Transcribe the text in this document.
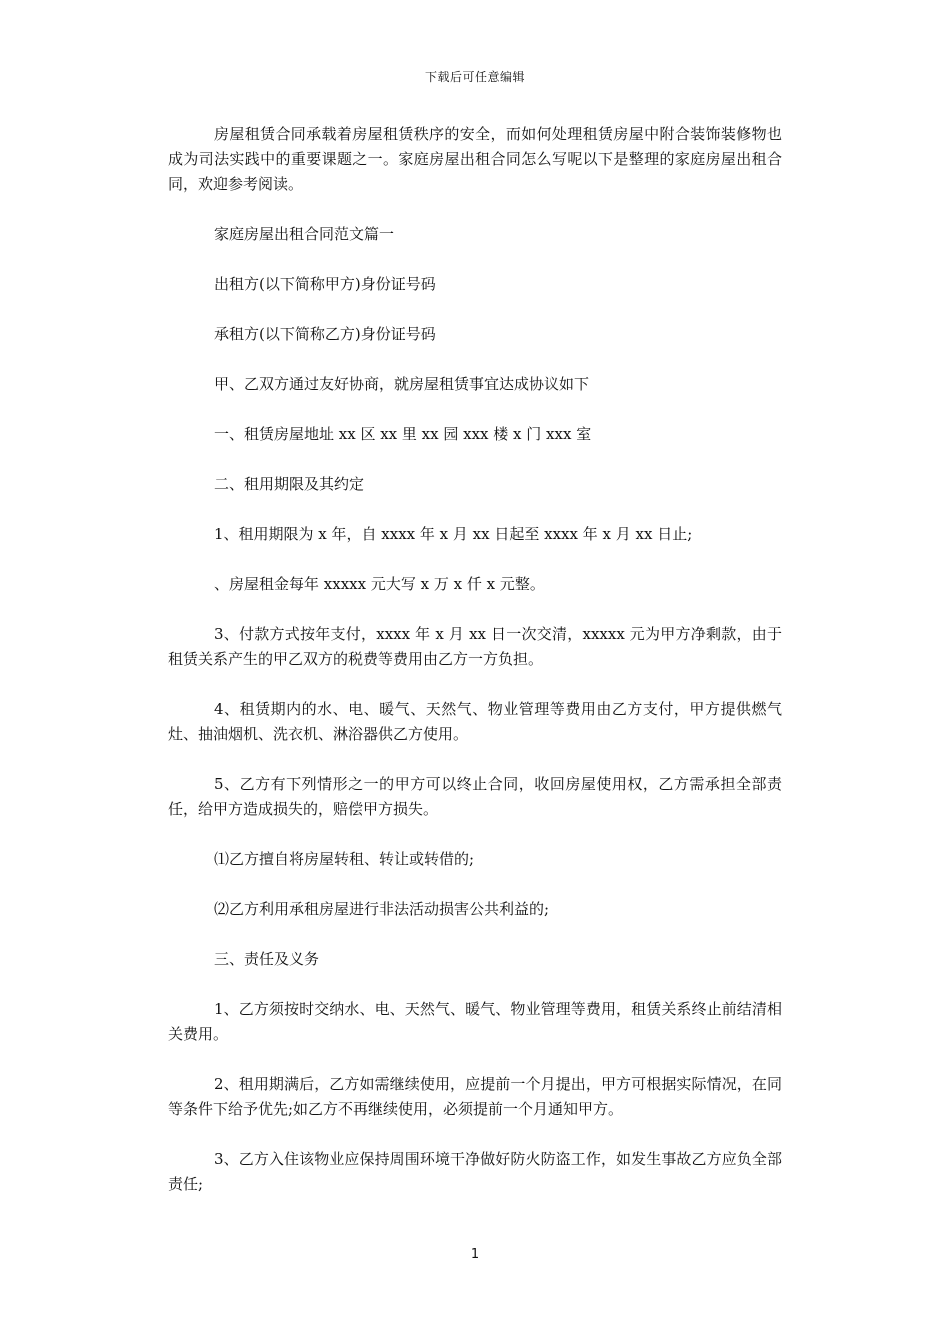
下载后可任意编辑

房屋租赁合同承载着房屋租赁秩序的安全，而如何处理租赁房屋中附合装饰装修物也成为司法实践中的重要课题之一。家庭房屋出租合同怎么写呢以下是整理的家庭房屋出租合同，欢迎参考阅读。

家庭房屋出租合同范文篇一

出租方(以下简称甲方)身份证号码

承租方(以下简称乙方)身份证号码

甲、乙双方通过友好协商，就房屋租赁事宜达成协议如下

一、租赁房屋地址 xx 区 xx 里 xx 园 xxx 楼 x 门 xxx 室

二、租用期限及其约定

1、租用期限为 x 年，自 xxxx 年 x 月 xx 日起至 xxxx 年 x 月 xx 日止;

、房屋租金每年 xxxxx 元大写 x 万 x 仟 x 元整。

3、付款方式按年支付，xxxx 年 x 月 xx 日一次交清，xxxxx 元为甲方净剩款，由于租赁关系产生的甲乙双方的税费等费用由乙方一方负担。

4、租赁期内的水、电、暖气、天然气、物业管理等费用由乙方支付，甲方提供燃气灶、抽油烟机、洗衣机、淋浴器供乙方使用。

5、乙方有下列情形之一的甲方可以终止合同，收回房屋使用权，乙方需承担全部责任，给甲方造成损失的，赔偿甲方损失。

⑴乙方擅自将房屋转租、转让或转借的;

⑵乙方利用承租房屋进行非法活动损害公共利益的;

三、责任及义务

1、乙方须按时交纳水、电、天然气、暖气、物业管理等费用，租赁关系终止前结清相关费用。

2、租用期满后，乙方如需继续使用，应提前一个月提出，甲方可根据实际情况，在同等条件下给予优先;如乙方不再继续使用，必须提前一个月通知甲方。

3、乙方入住该物业应保持周围环境干净做好防火防盗工作，如发生事故乙方应负全部责任;

1
